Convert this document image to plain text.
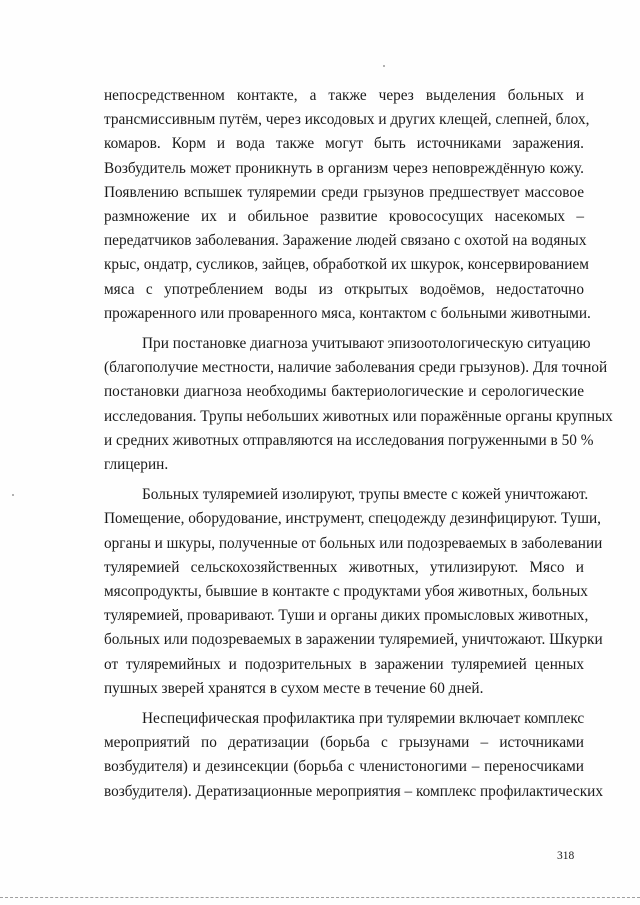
непосредственном контакте, а также через выделения больных и
трансмиссивным путём, через иксодовых и других клещей, слепней, блох,
комаров. Корм и вода также могут быть источниками заражения.
Возбудитель может проникнуть в организм через неповреждённую кожу.
Появлению вспышек туляремии среди грызунов предшествует массовое
размножение их и обильное развитие кровососущих насекомых –
передатчиков заболевания. Заражение людей связано с охотой на водяных
крыс, ондатр, сусликов, зайцев, обработкой их шкурок, консервированием
мяса с употреблением воды из открытых водоёмов, недостаточно
прожаренного или проваренного мяса, контактом с больными животными.
При постановке диагноза учитывают эпизоотологическую ситуацию
(благополучие местности, наличие заболевания среди грызунов). Для точной
постановки диагноза необходимы бактериологические и серологические
исследования. Трупы небольших животных или поражённые органы крупных
и средних животных отправляются на исследования погруженными в 50 %
глицерин.
Больных туляремией изолируют, трупы вместе с кожей уничтожают.
Помещение, оборудование, инструмент, спецодежду дезинфицируют. Туши,
органы и шкуры, полученные от больных или подозреваемых в заболевании
туляремией сельскохозяйственных животных, утилизируют. Мясо и
мясопродукты, бывшие в контакте с продуктами убоя животных, больных
туляремией, проваривают. Туши и органы диких промысловых животных,
больных или подозреваемых в заражении туляремией, уничтожают. Шкурки
от туляремийных и подозрительных в заражении туляремией ценных
пушных зверей хранятся в сухом месте в течение 60 дней.
Неспецифическая профилактика при туляремии включает комплекс
мероприятий по дератизации (борьба с грызунами – источниками
возбудителя) и дезинсекции (борьба с членистоногими – переносчиками
возбудителя). Дератизационные мероприятия – комплекс профилактических
318
